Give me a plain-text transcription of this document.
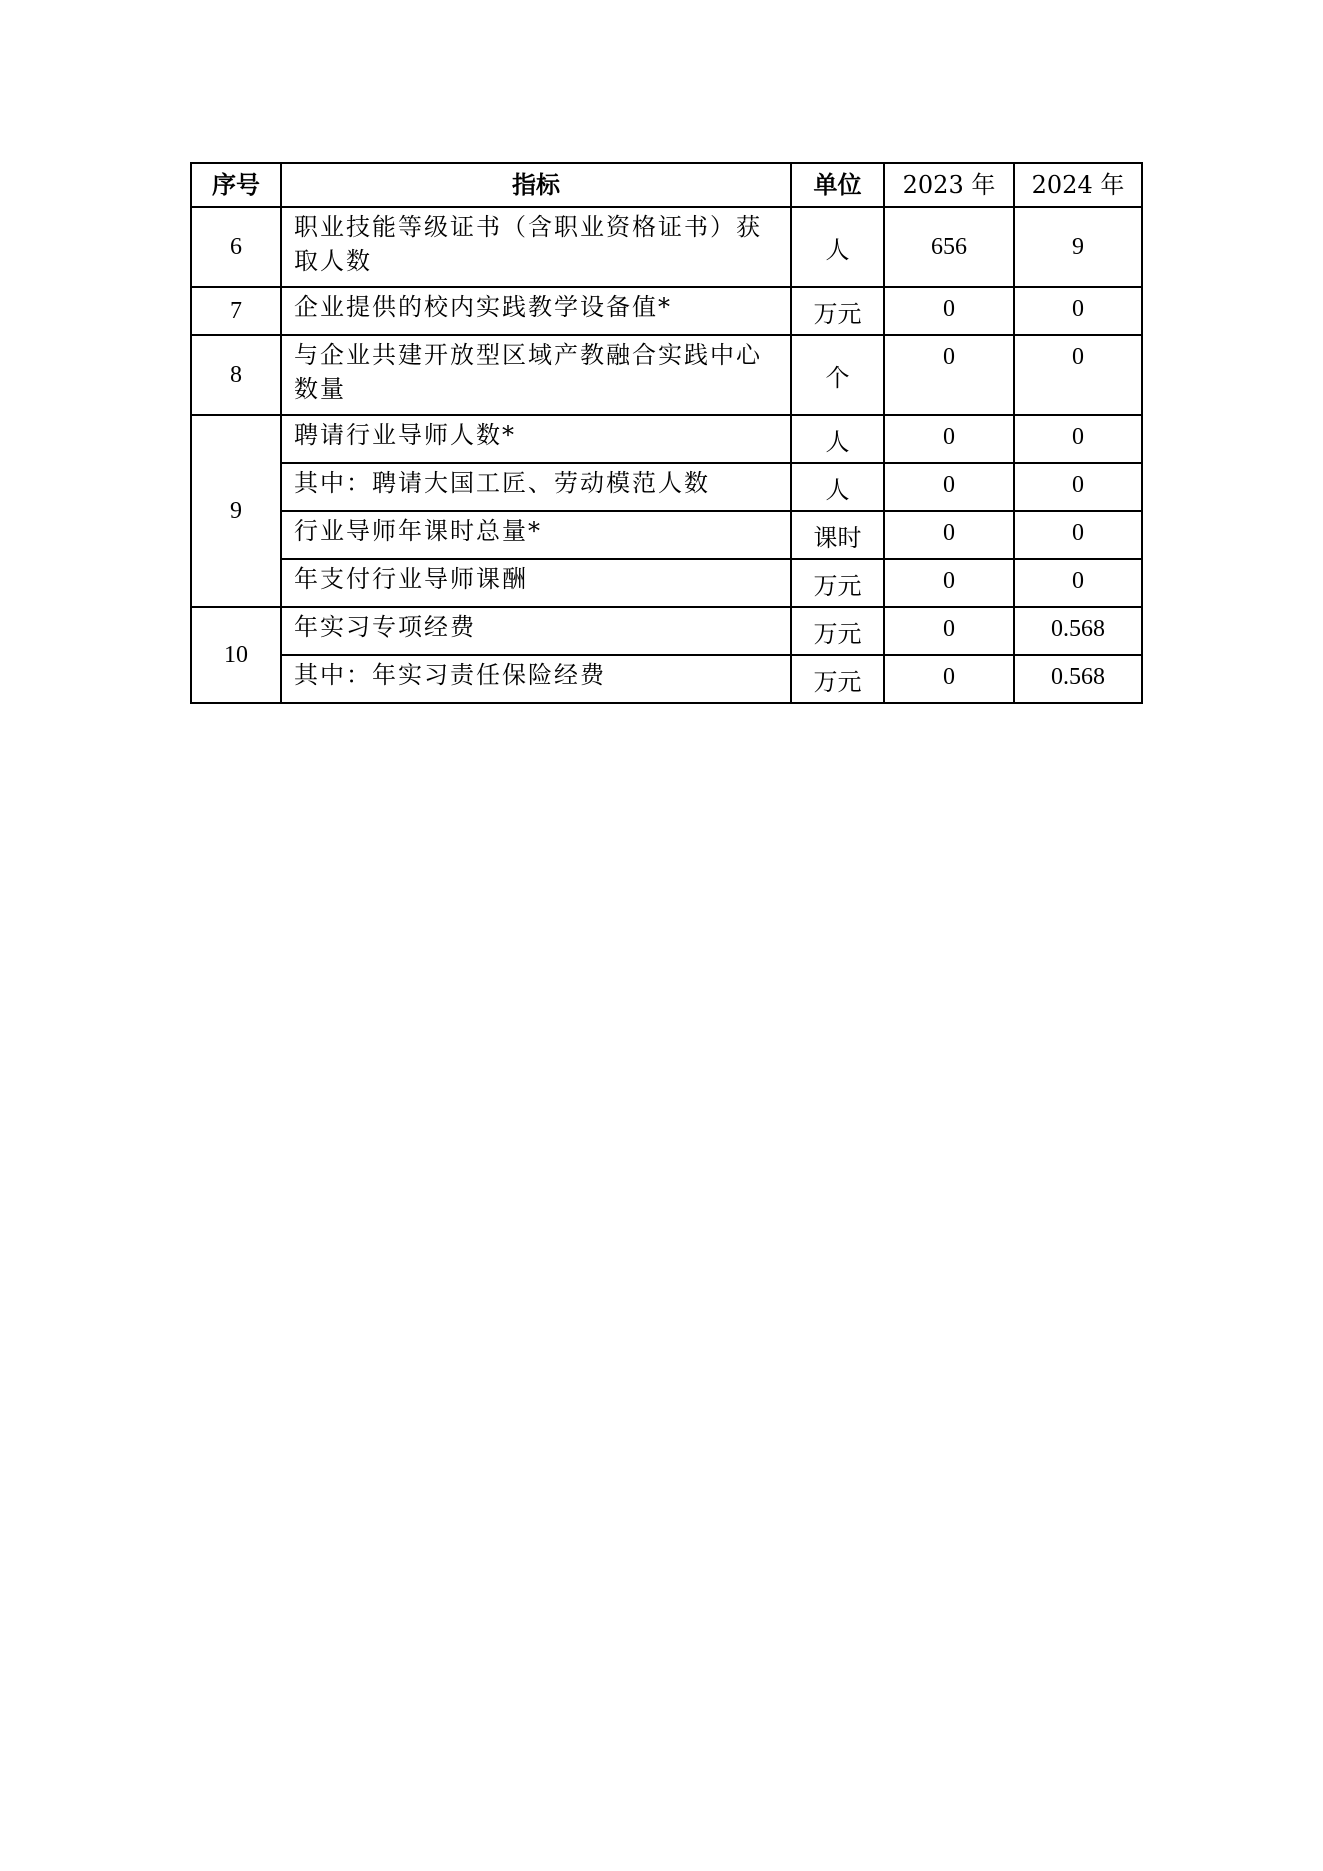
序号	指标	单位	2023 年	2024 年
6	职业技能等级证书（含职业资格证书）获取人数	人	656	9
7	企业提供的校内实践教学设备值*	万元	0	0
8	与企业共建开放型区域产教融合实践中心数量	个	0	0
9	聘请行业导师人数*	人	0	0
	其中：聘请大国工匠、劳动模范人数	人	0	0
	行业导师年课时总量*	课时	0	0
	年支付行业导师课酬	万元	0	0
10	年实习专项经费	万元	0	0.568
	其中：年实习责任保险经费	万元	0	0.568
